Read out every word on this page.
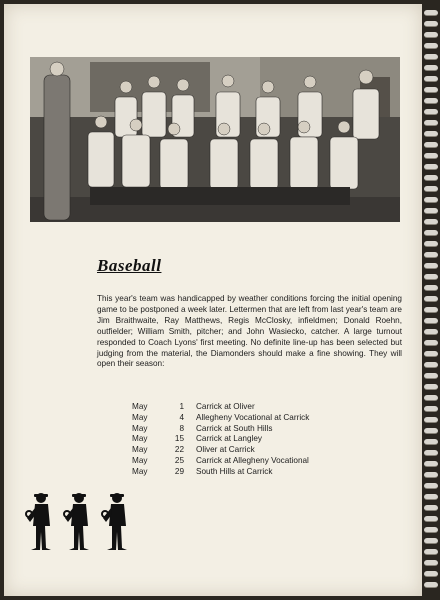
Baseball
This year's team was handicapped by weather conditions forcing the initial opening game to be postponed a week later. Lettermen that are left from last year's team are Jim Braithwaite, Ray Matthews, Regis McClosky, infieldmen; Donald Roehn, outfielder; William Smith, pitcher; and John Wasiecko, catcher. A large turnout responded to Coach Lyons' first meeting. No definite line-up has been selected but judging from the material, the Diamonders should make a fine showing. They will open their season:
May	1	Carrick at Oliver
May	4	Allegheny Vocational at Carrick
May	8	Carrick at South Hills
May	15	Carrick at Langley
May	22	Oliver at Carrick
May	25	Carrick at Allegheny Vocational
May	29	South Hills at Carrick
